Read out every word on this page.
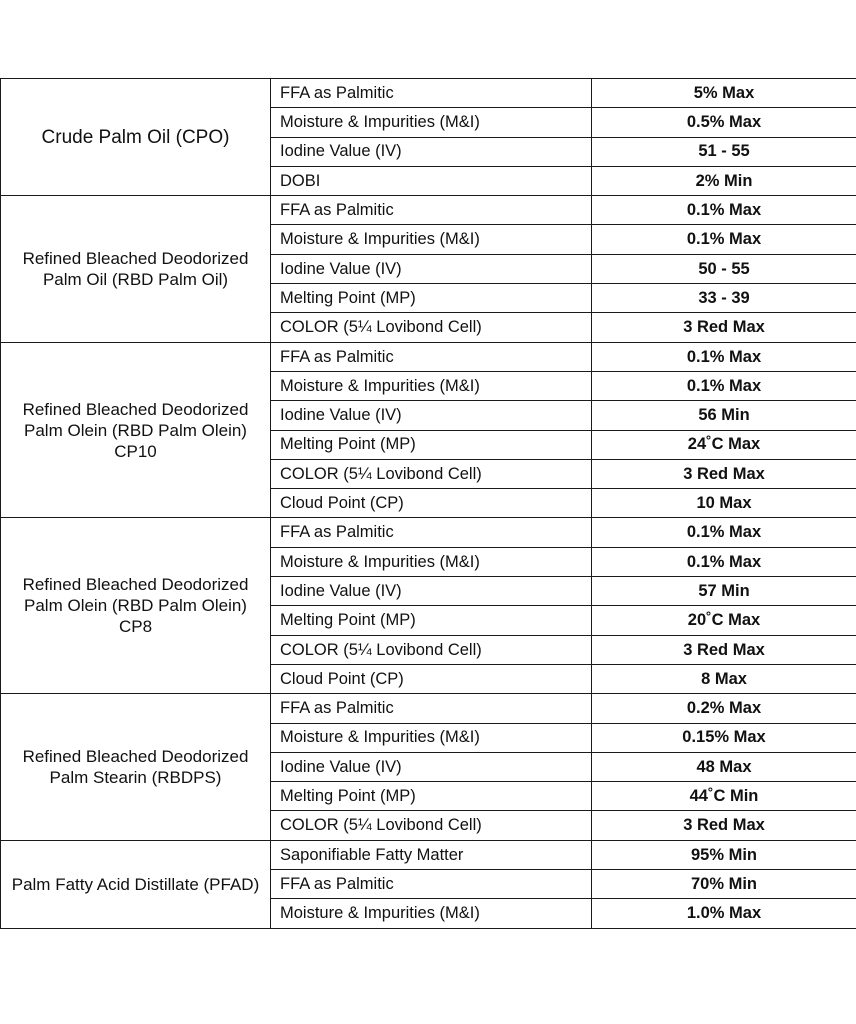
Crude Palm Oil (CPO)	FFA as Palmitic	5% Max
	Moisture & Impurities (M&I)	0.5% Max
	Iodine Value (IV)	51 - 55
	DOBI	2% Min
Refined Bleached Deodorized Palm Oil (RBD Palm Oil)	FFA as Palmitic	0.1% Max
	Moisture & Impurities (M&I)	0.1% Max
	Iodine Value (IV)	50 - 55
	Melting Point (MP)	33 - 39
	COLOR (5¼ Lovibond Cell)	3 Red Max
Refined Bleached Deodorized Palm Olein (RBD Palm Olein) CP10	FFA as Palmitic	0.1% Max
	Moisture & Impurities (M&I)	0.1% Max
	Iodine Value (IV)	56 Min
	Melting Point (MP)	24˚C Max
	COLOR (5¼ Lovibond Cell)	3 Red Max
	Cloud Point (CP)	10 Max
Refined Bleached Deodorized Palm Olein (RBD Palm Olein) CP8	FFA as Palmitic	0.1% Max
	Moisture & Impurities (M&I)	0.1% Max
	Iodine Value (IV)	57 Min
	Melting Point (MP)	20˚C Max
	COLOR (5¼ Lovibond Cell)	3 Red Max
	Cloud Point (CP)	8 Max
Refined Bleached Deodorized Palm Stearin (RBDPS)	FFA as Palmitic	0.2% Max
	Moisture & Impurities (M&I)	0.15% Max
	Iodine Value (IV)	48 Max
	Melting Point (MP)	44˚C Min
	COLOR (5¼ Lovibond Cell)	3 Red Max
Palm Fatty Acid Distillate (PFAD)	Saponifiable Fatty Matter	95% Min
	FFA as Palmitic	70% Min
	Moisture & Impurities (M&I)	1.0% Max
